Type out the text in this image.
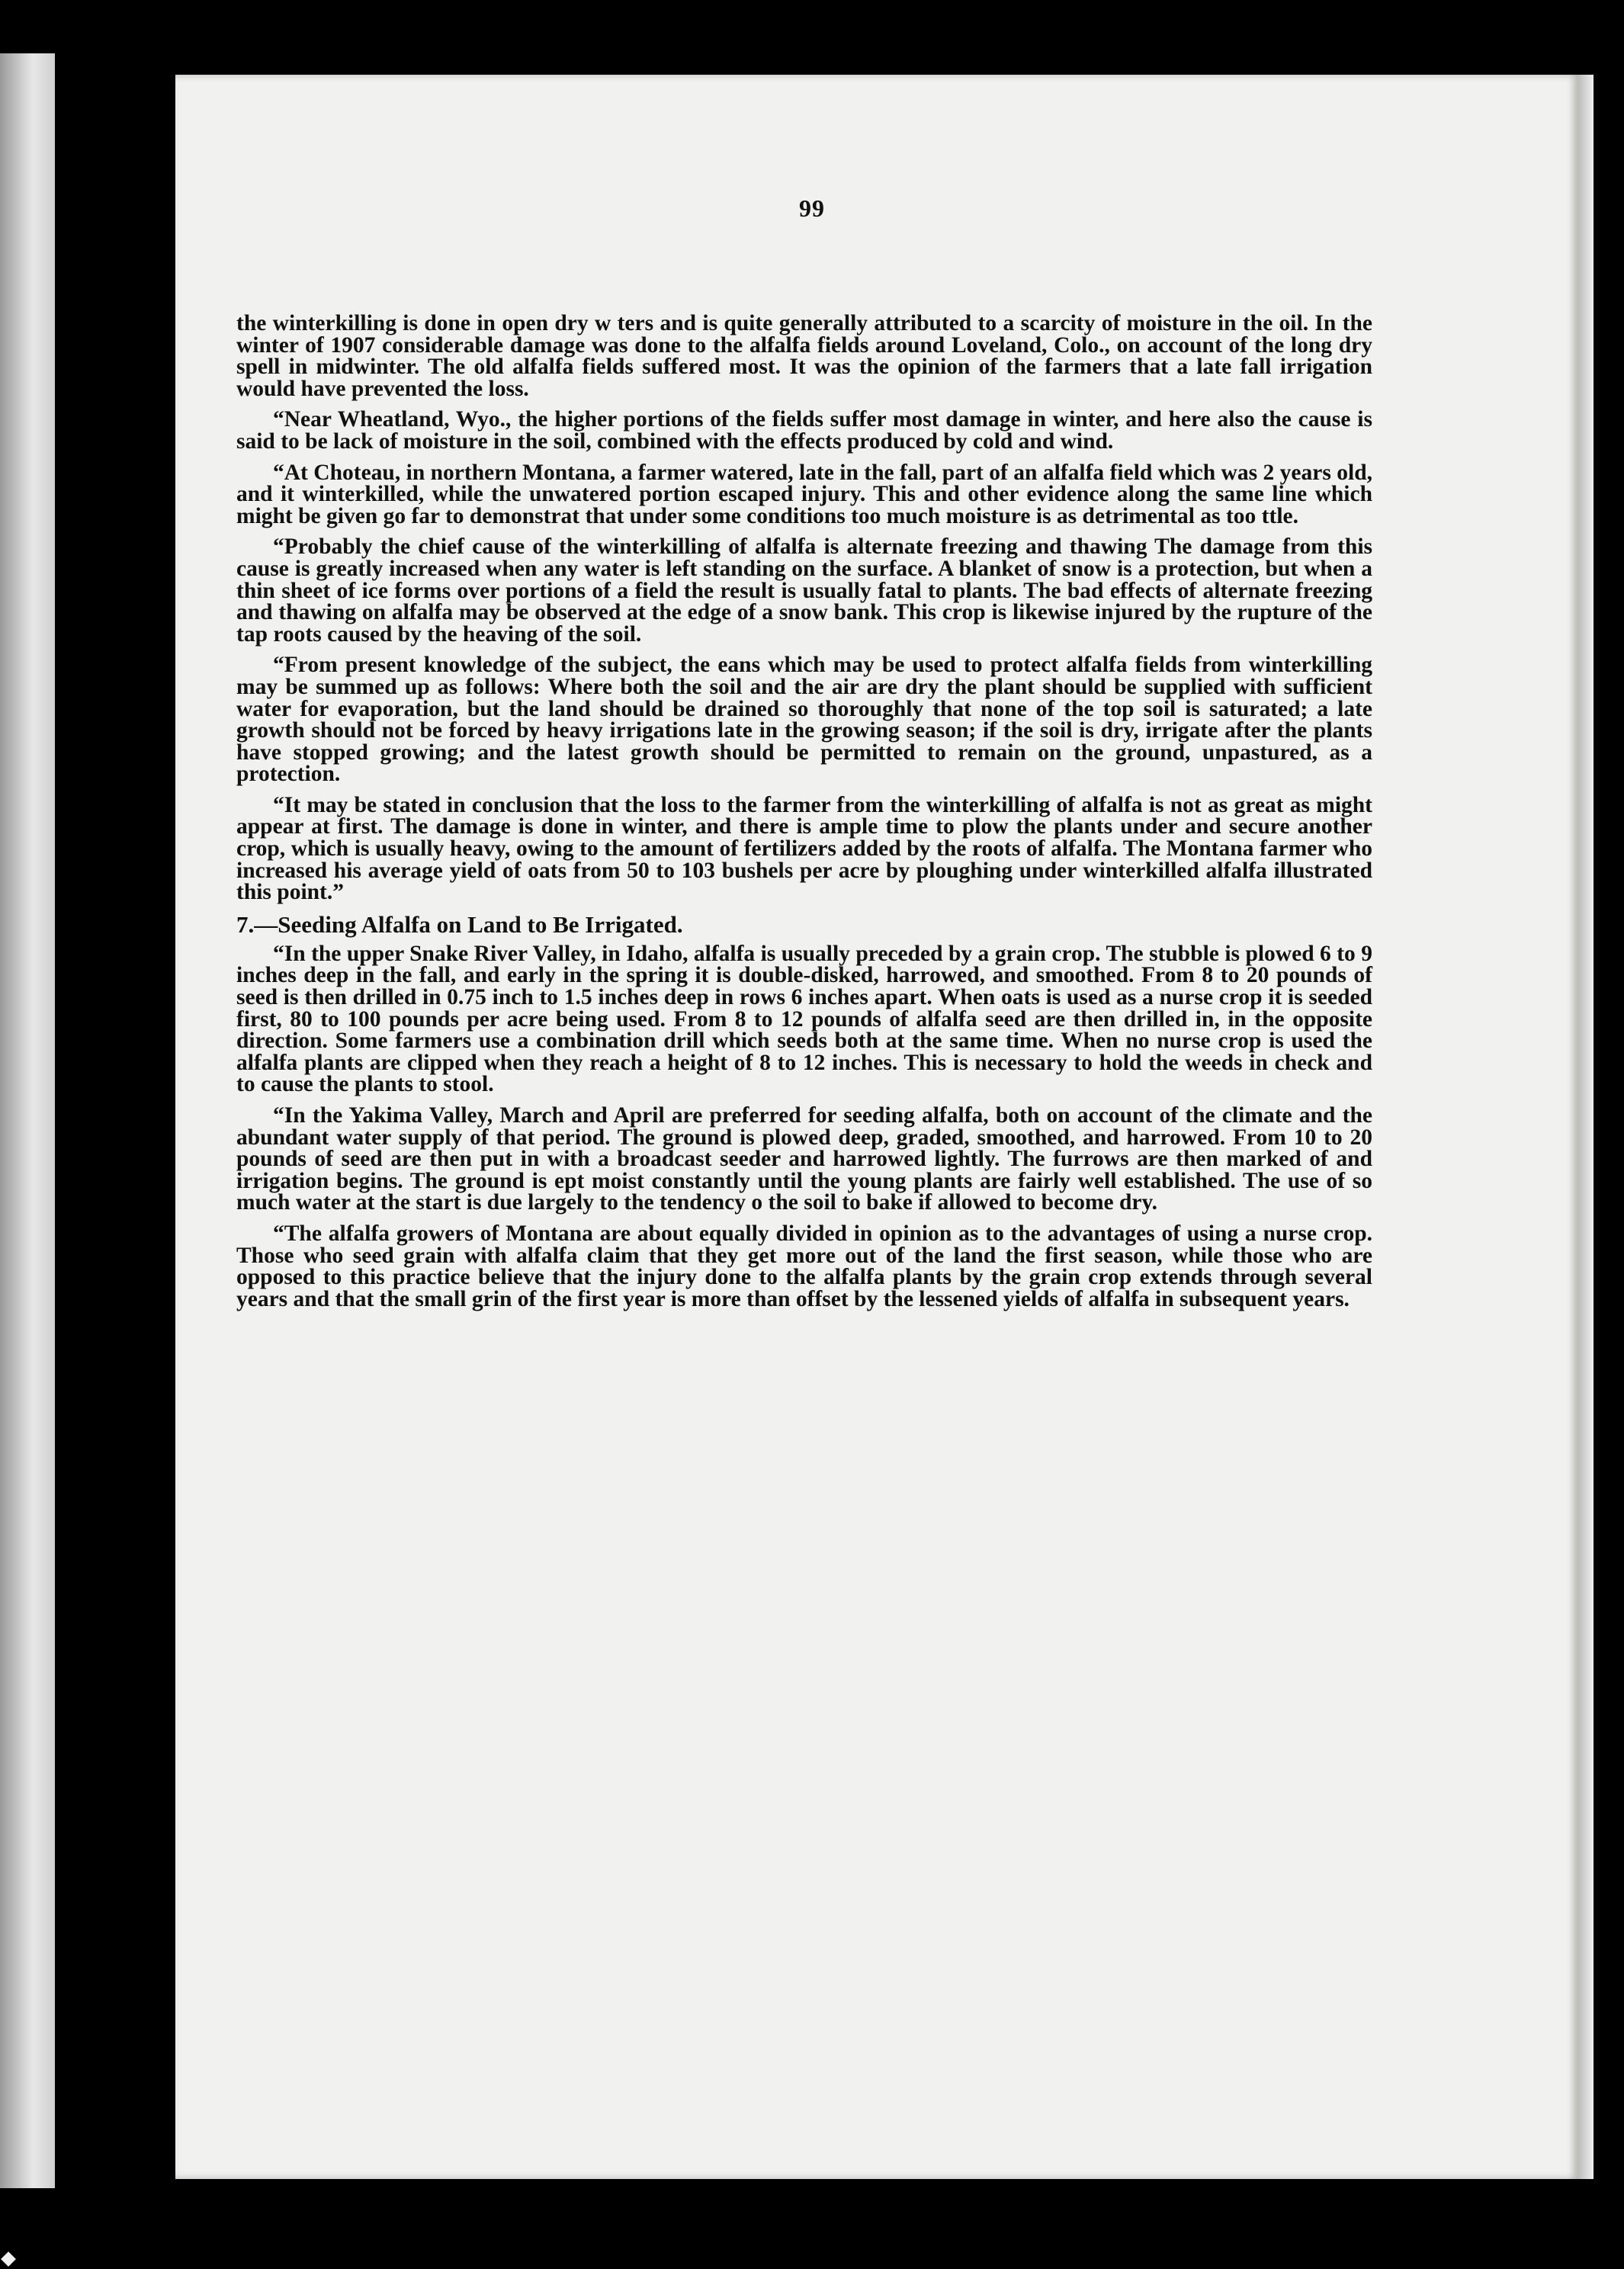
99

the winterkilling is done in open dry w ters and is quite generally attributed to a scarcity of moisture in the oil. In the winter of 1907 considerable damage was done to the alfalfa fields around Loveland, Colo., on account of the long dry spell in midwinter. The old alfalfa fields suffered most. It was the opinion of the farmers that a late fall irrigation would have prevented the loss.

“Near Wheatland, Wyo., the higher portions of the fields suffer most damage in winter, and here also the cause is said to be lack of moisture in the soil, combined with the effects produced by cold and wind.

“At Choteau, in northern Montana, a farmer watered, late in the fall, part of an alfalfa field which was 2 years old, and it winterkilled, while the unwatered portion escaped injury. This and other evidence along the same line which might be given go far to demonstrat that under some conditions too much moisture is as detrimental as too ttle.

“Probably the chief cause of the winterkilling of alfalfa is alternate freezing and thawing The damage from this cause is greatly increased when any water is left standing on the surface. A blanket of snow is a protection, but when a thin sheet of ice forms over portions of a field the result is usually fatal to plants. The bad effects of alternate freezing and thawing on alfalfa may be observed at the edge of a snow bank. This crop is likewise injured by the rupture of the tap roots caused by the heaving of the soil.

“From present knowledge of the subject, the eans which may be used to protect alfalfa fields from winterkilling may be summed up as follows: Where both the soil and the air are dry the plant should be supplied with sufficient water for evaporation, but the land should be drained so thoroughly that none of the top soil is saturated; a late growth should not be forced by heavy irrigations late in the growing season; if the soil is dry, irrigate after the plants have stopped growing; and the latest growth should be permitted to remain on the ground, unpastured, as a protection.

“It may be stated in conclusion that the loss to the farmer from the winterkilling of alfalfa is not as great as might appear at first. The damage is done in winter, and there is ample time to plow the plants under and secure another crop, which is usually heavy, owing to the amount of fertilizers added by the roots of alfalfa. The Montana farmer who increased his average yield of oats from 50 to 103 bushels per acre by ploughing under winterkilled alfalfa illustrated this point.”

7.—Seeding Alfalfa on Land to Be Irrigated.

“In the upper Snake River Valley, in Idaho, alfalfa is usually preceded by a grain crop. The stubble is plowed 6 to 9 inches deep in the fall, and early in the spring it is double-disked, harrowed, and smoothed. From 8 to 20 pounds of seed is then drilled in 0.75 inch to 1.5 inches deep in rows 6 inches apart. When oats is used as a nurse crop it is seeded first, 80 to 100 pounds per acre being used. From 8 to 12 pounds of alfalfa seed are then drilled in, in the opposite direction. Some farmers use a combination drill which seeds both at the same time. When no nurse crop is used the alfalfa plants are clipped when they reach a height of 8 to 12 inches. This is necessary to hold the weeds in check and to cause the plants to stool.

“In the Yakima Valley, March and April are preferred for seeding alfalfa, both on account of the climate and the abundant water supply of that period. The ground is plowed deep, graded, smoothed, and harrowed. From 10 to 20 pounds of seed are then put in with a broadcast seeder and harrowed lightly. The furrows are then marked of and irrigation begins. The ground is ept moist constantly until the young plants are fairly well established. The use of so much water at the start is due largely to the tendency o the soil to bake if allowed to become dry.

“The alfalfa growers of Montana are about equally divided in opinion as to the advantages of using a nurse crop. Those who seed grain with alfalfa claim that they get more out of the land the first season, while those who are opposed to this practice believe that the injury done to the alfalfa plants by the grain crop extends through several years and that the small grin of the first year is more than offset by the lessened yields of alfalfa in subsequent years.
